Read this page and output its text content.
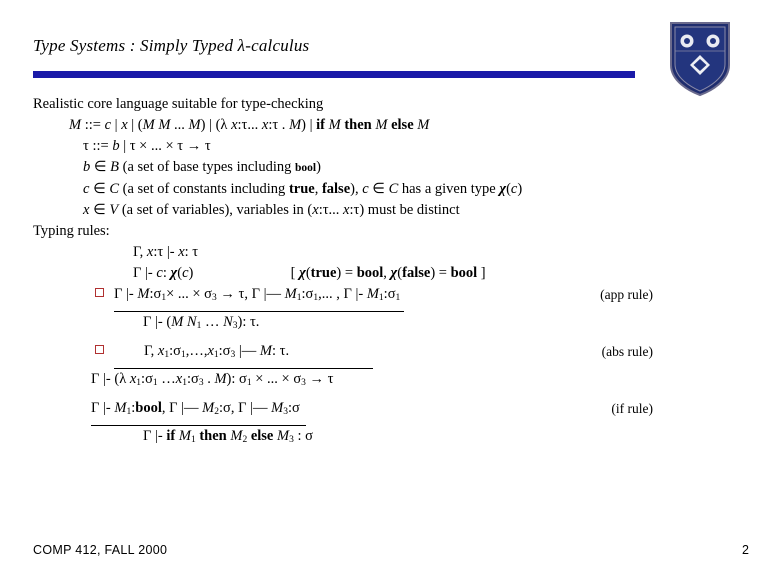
Type Systems : Simply Typed λ-calculus
Realistic core language suitable for type-checking
M ::= c | x | (M M ... M) | (λ x:τ... x:τ . M) | if M then M else M
τ ::= b | τ × ... × τ → τ
b ∈ B (a set of base types including bool)
c ∈ C (a set of constants including true, false), c ∈ C has a given type χ(c)
x ∈ V (a set of variables), variables in (x:τ... x:τ) must be distinct
Typing rules:
Γ, x:τ |- x: τ
Γ |- c: χ(c)	[ χ(true) = bool, χ(false) = bool ]
Γ |- $M:\sigma_1\times$ ... × $\sigma_3 \to \tau$, Γ |— $M_1:\sigma_1$,... , Γ |- $M_1:\sigma_1$	(app rule)
Γ |- (M $N_1$ … $N_3$): τ.
Γ, $x_1:\sigma_1,\dots,x_1:\sigma_3$ |— M: τ.	(abs rule)
Γ |- (λ $x_1:\sigma_1$ $\dots x_1:\sigma_3$ . M): $\sigma_1$ × ... × $\sigma_3 \to \tau$
Γ |- $M_1:bool$, Γ |— $M_2:\sigma$, Γ |— $M_3:\sigma$	(if rule)
Γ |- if $M_1$ then $M_2$ else $M_3$ : σ
COMP 412, FALL 2000	2
